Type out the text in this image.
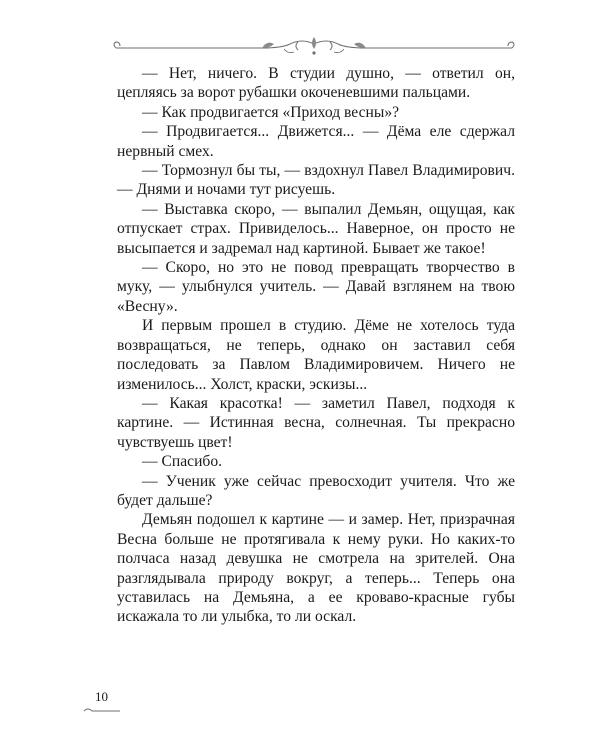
— Нет, ничего. В студии душно, — ответил он, цепляясь за ворот рубашки окоченевшими пальцами.

— Как продвигается «Приход весны»?

— Продвигается... Движется... — Дёма еле сдержал нервный смех.

— Тормознул бы ты, — вздохнул Павел Владимирович. — Днями и ночами тут рисуешь.

— Выставка скоро, — выпалил Демьян, ощущая, как отпускает страх. Привиделось... Наверное, он просто не высыпается и задремал над картиной. Бывает же такое!

— Скоро, но это не повод превращать творчество в муку, — улыбнулся учитель. — Давай взглянем на твою «Весну».

И первым прошел в студию. Дёме не хотелось туда возвращаться, не теперь, однако он заставил себя последовать за Павлом Владимировичем. Ничего не изменилось... Холст, краски, эскизы...

— Какая красотка! — заметил Павел, подходя к картине. — Истинная весна, солнечная. Ты прекрасно чувствуешь цвет!

— Спасибо.

— Ученик уже сейчас превосходит учителя. Что же будет дальше?

Демьян подошел к картине — и замер. Нет, призрачная Весна больше не протягивала к нему руки. Но каких-то полчаса назад девушка не смотрела на зрителей. Она разглядывала природу вокруг, а теперь... Теперь она уставилась на Демьяна, а ее кроваво-красные губы искажала то ли улыбка, то ли оскал.

10
